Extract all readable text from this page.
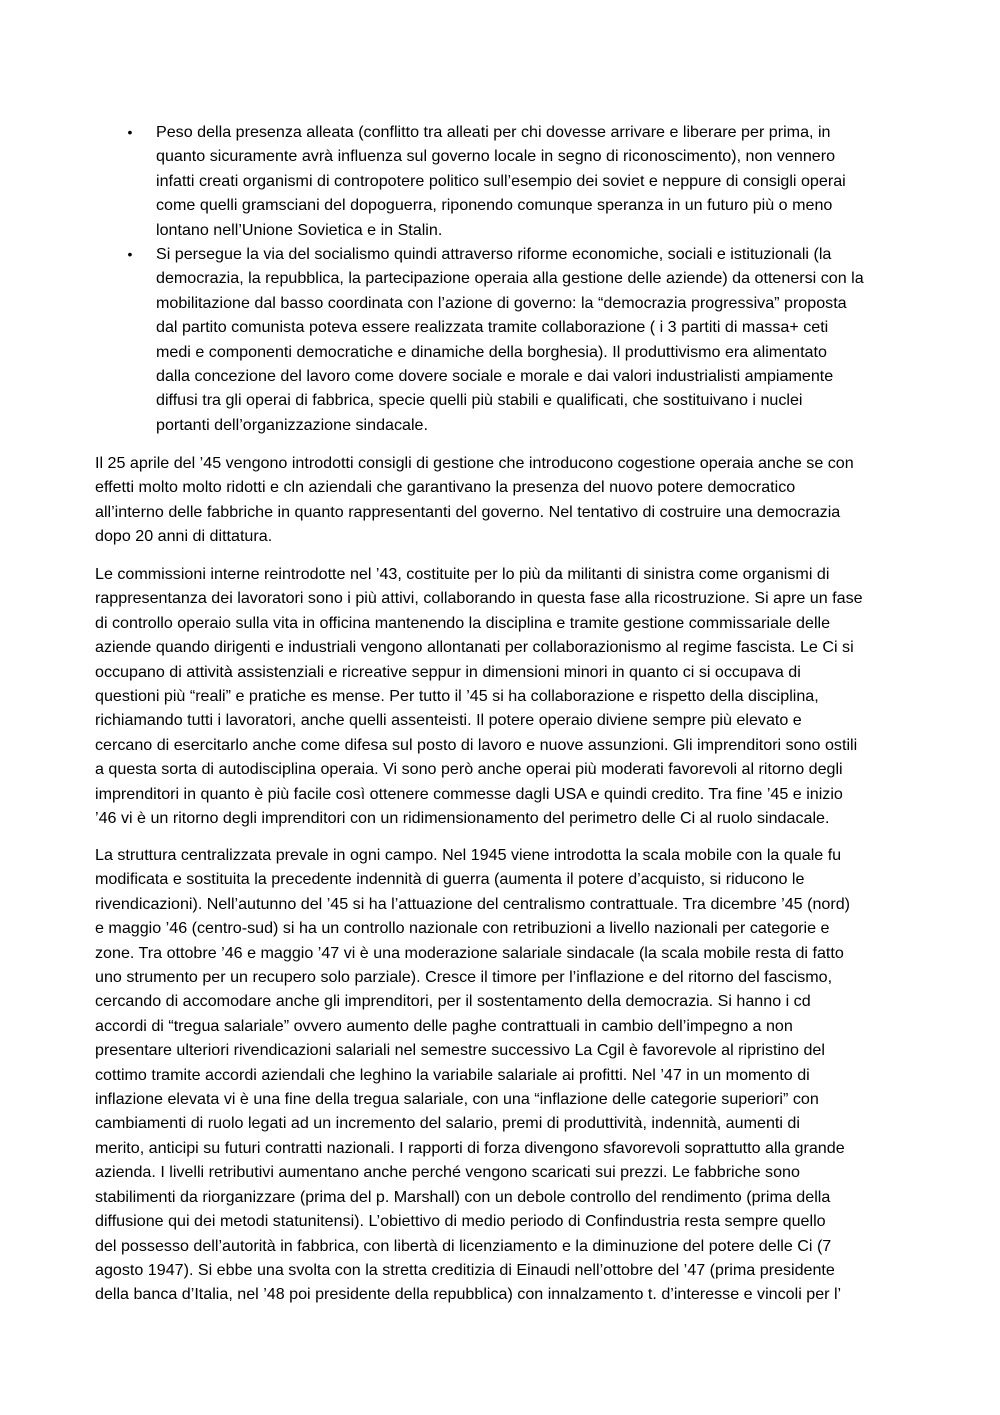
• Peso della presenza alleata (conflitto tra alleati per chi dovesse arrivare e liberare per prima, in
quanto sicuramente avrà influenza sul governo locale in segno di riconoscimento), non vennero
infatti creati organismi di contropotere politico sull’esempio dei soviet e neppure di consigli operai
come quelli gramsciani del dopoguerra, riponendo comunque speranza in un futuro più o meno
lontano nell’Unione Sovietica e in Stalin.
• Si persegue la via del socialismo quindi attraverso riforme economiche, sociali e istituzionali (la
democrazia, la repubblica, la partecipazione operaia alla gestione delle aziende) da ottenersi con la
mobilitazione dal basso coordinata con l’azione di governo: la “democrazia progressiva” proposta
dal partito comunista poteva essere realizzata tramite collaborazione ( i 3 partiti di massa+ ceti
medi e componenti democratiche e dinamiche della borghesia). Il produttivismo era alimentato
dalla concezione del lavoro come dovere sociale e morale e dai valori industrialisti ampiamente
diffusi tra gli operai di fabbrica, specie quelli più stabili e qualificati, che sostituivano i nuclei
portanti dell’organizzazione sindacale.

Il 25 aprile del ’45 vengono introdotti consigli di gestione che introducono cogestione operaia anche se con
effetti molto molto ridotti e cln aziendali che garantivano la presenza del nuovo potere democratico
all’interno delle fabbriche in quanto rappresentanti del governo. Nel tentativo di costruire una democrazia
dopo 20 anni di dittatura.

Le commissioni interne reintrodotte nel ’43, costituite per lo più da militanti di sinistra come organismi di
rappresentanza dei lavoratori sono i più attivi, collaborando in questa fase alla ricostruzione. Si apre un fase
di controllo operaio sulla vita in officina mantenendo la disciplina e tramite gestione commissariale delle
aziende quando dirigenti e industriali vengono allontanati per collaborazionismo al regime fascista. Le Ci si
occupano di attività assistenziali e ricreative seppur in dimensioni minori in quanto ci si occupava di
questioni più “reali” e pratiche es mense. Per tutto il ’45 si ha collaborazione e rispetto della disciplina,
richiamando tutti i lavoratori, anche quelli assenteisti. Il potere operaio diviene sempre più elevato e
cercano di esercitarlo anche come difesa sul posto di lavoro e nuove assunzioni. Gli imprenditori sono ostili
a questa sorta di autodisciplina operaia. Vi sono però anche operai più moderati favorevoli al ritorno degli
imprenditori in quanto è più facile così ottenere commesse dagli USA e quindi credito. Tra fine ’45 e inizio
’46 vi è un ritorno degli imprenditori con un ridimensionamento del perimetro delle Ci al ruolo sindacale.

La struttura centralizzata prevale in ogni campo. Nel 1945 viene introdotta la scala mobile con la quale fu
modificata e sostituita la precedente indennità di guerra (aumenta il potere d’acquisto, si riducono le
rivendicazioni). Nell’autunno del ’45 si ha l’attuazione del centralismo contrattuale. Tra dicembre ’45 (nord)
e maggio ’46 (centro-sud) si ha un controllo nazionale con retribuzioni a livello nazionali per categorie e
zone. Tra ottobre ’46 e maggio ’47 vi è una moderazione salariale sindacale (la scala mobile resta di fatto
uno strumento per un recupero solo parziale). Cresce il timore per l’inflazione e del ritorno del fascismo,
cercando di accomodare anche gli imprenditori, per il sostentamento della democrazia. Si hanno i cd
accordi di “tregua salariale” ovvero aumento delle paghe contrattuali in cambio dell’impegno a non
presentare ulteriori rivendicazioni salariali nel semestre successivo La Cgil è favorevole al ripristino del
cottimo tramite accordi aziendali che leghino la variabile salariale ai profitti. Nel ’47 in un momento di
inflazione elevata vi è una fine della tregua salariale, con una “inflazione delle categorie superiori” con
cambiamenti di ruolo legati ad un incremento del salario, premi di produttività, indennità, aumenti di
merito, anticipi su futuri contratti nazionali. I rapporti di forza divengono sfavorevoli soprattutto alla grande
azienda. I livelli retributivi aumentano anche perché vengono scaricati sui prezzi. Le fabbriche sono
stabilimenti da riorganizzare (prima del p. Marshall) con un debole controllo del rendimento (prima della
diffusione qui dei metodi statunitensi). L’obiettivo di medio periodo di Confindustria resta sempre quello
del possesso dell’autorità in fabbrica, con libertà di licenziamento e la diminuzione del potere delle Ci (7
agosto 1947). Si ebbe una svolta con la stretta creditizia di Einaudi nell’ottobre del ’47 (prima presidente
della banca d’Italia, nel ’48 poi presidente della repubblica) con innalzamento t. d’interesse e vincoli per l’
